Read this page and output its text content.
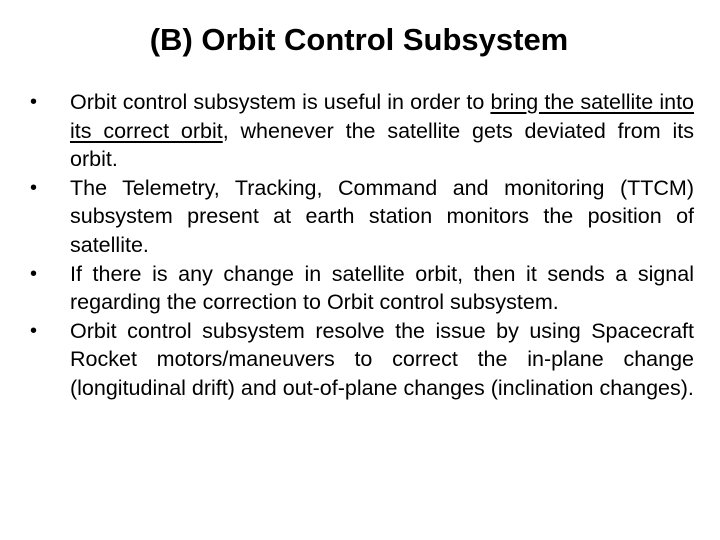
(B) Orbit Control Subsystem
•	Orbit control subsystem is useful in order to bring the satellite into its correct orbit, whenever the satellite gets deviated from its orbit.
•	The Telemetry, Tracking, Command and monitoring (TTCM) subsystem present at earth station monitors the position of satellite.
•	If there is any change in satellite orbit, then it sends a signal regarding the correction to Orbit control subsystem.
•	Orbit control subsystem resolve the issue by using Spacecraft Rocket motors/maneuvers to correct the in-plane change (longitudinal drift) and out-of-plane changes (inclination changes).
